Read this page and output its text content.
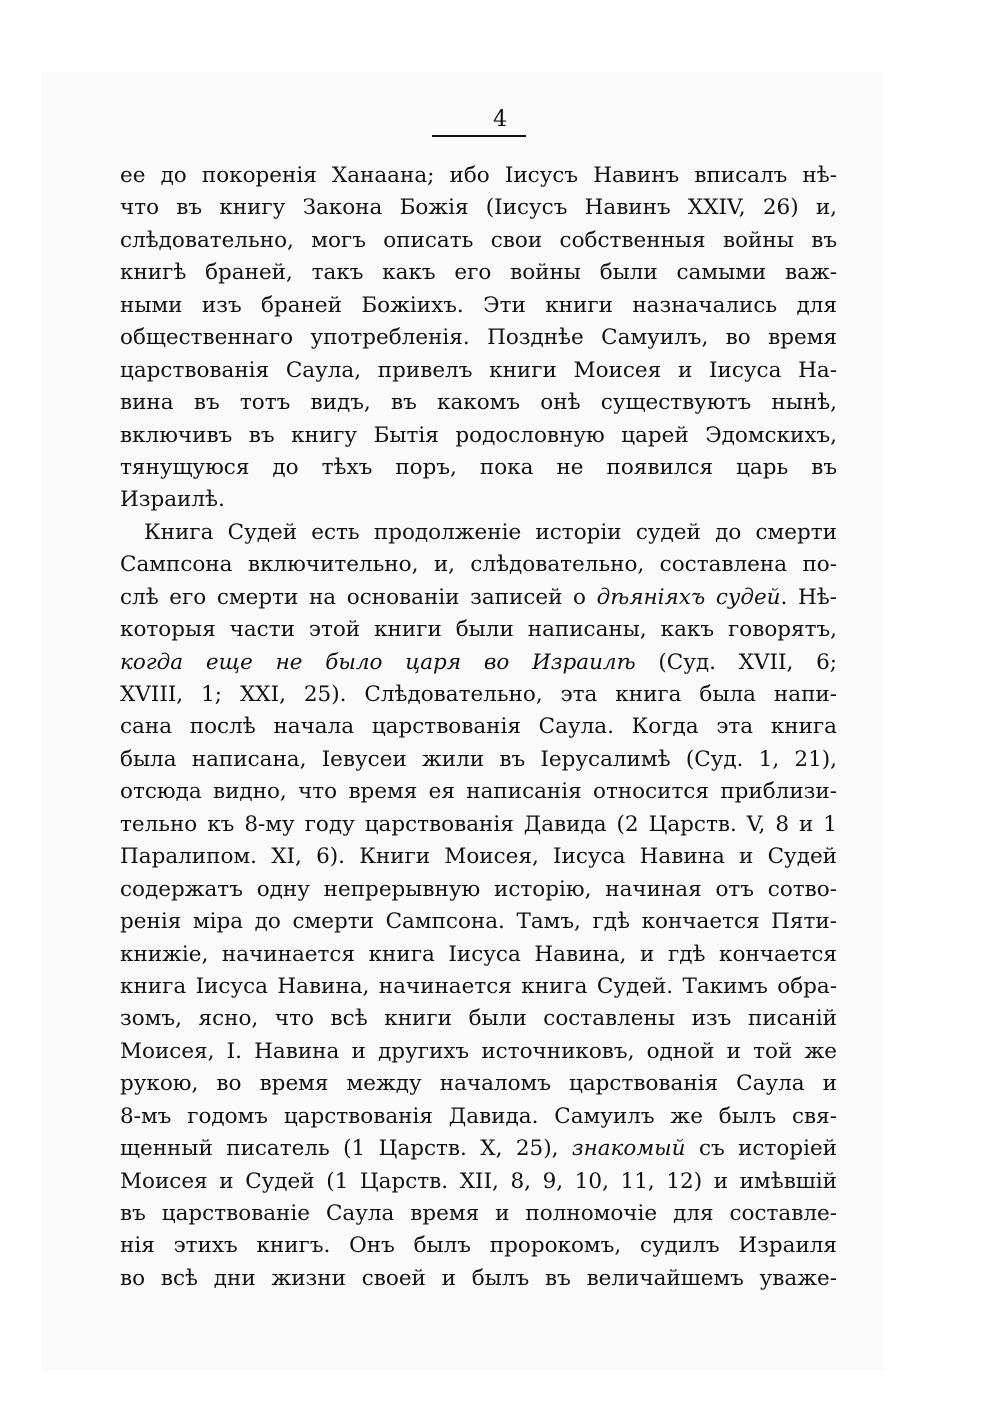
4
ее до покоренія Ханаана; ибо Іисусъ Навинъ вписалъ нѣ-
что въ книгу Закона Божія (Іисусъ Навинъ XXIV, 26) и,
слѣдовательно, могъ описать свои собственныя войны въ
книгѣ браней, такъ какъ его войны были самыми важ-
ными изъ браней Божіихъ. Эти книги назначались для
общественнаго употребленія. Позднѣе Самуилъ, во время
царствованія Саула, привелъ книги Моисея и Іисуса На-
вина въ тотъ видъ, въ какомъ онѣ существуютъ нынѣ,
включивъ въ книгу Бытія родословную царей Эдомскихъ,
тянущуюся до тѣхъ поръ, пока не появился царь въ
Израилѣ.
Книга Судей есть продолженіе исторіи судей до смерти
Сампсона включительно, и, слѣдовательно, составлена по-
слѣ его смерти на основаніи записей о дѣяніяхъ судей. Нѣ-
которыя части этой книги были написаны, какъ говорятъ,
когда еще не было царя во Израилѣ (Суд. XVII, 6;
XVIII, 1; XXI, 25). Слѣдовательно, эта книга была напи-
сана послѣ начала царствованія Саула. Когда эта книга
была написана, Іевусеи жили въ Іерусалимѣ (Суд. 1, 21),
отсюда видно, что время ея написанія относится приблизи-
тельно къ 8-му году царствованія Давида (2 Царств. V, 8 и 1
Паралипом. XI, 6). Книги Моисея, Іисуса Навина и Судей
содержатъ одну непрерывную исторію, начиная отъ сотво-
ренія міра до смерти Сампсона. Тамъ, гдѣ кончается Пяти-
книжіе, начинается книга Іисуса Навина, и гдѣ кончается
книга Іисуса Навина, начинается книга Судей. Такимъ обра-
зомъ, ясно, что всѣ книги были составлены изъ писаній
Моисея, І. Навина и другихъ источниковъ, одной и той же
рукою, во время между началомъ царствованія Саула и
8-мъ годомъ царствованія Давида. Самуилъ же былъ свя-
щенный писатель (1 Царств. X, 25), знакомый съ исторіей
Моисея и Судей (1 Царств. XII, 8, 9, 10, 11, 12) и имѣвшій
въ царствованіе Саула время и полномочіе для составле-
нія этихъ книгъ. Онъ былъ пророкомъ, судилъ Израиля
во всѣ дни жизни своей и былъ въ величайшемъ уваже-
